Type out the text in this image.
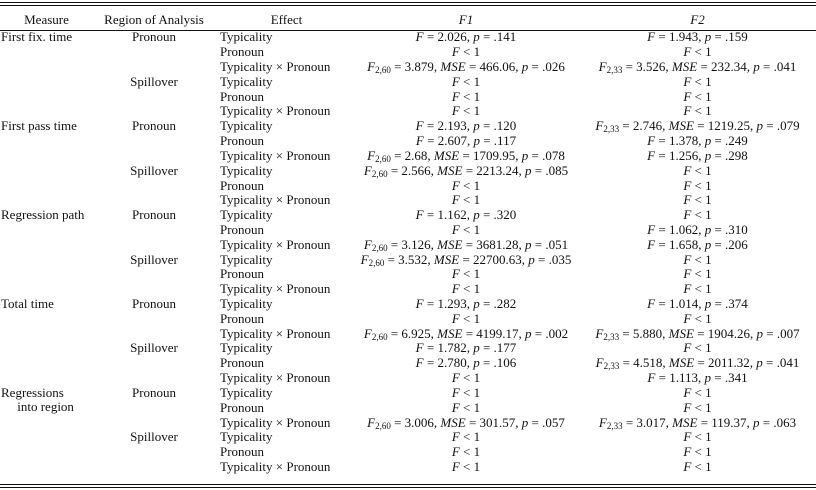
Measure	Region of Analysis	Effect	F1	F2
First fix. time	Pronoun	Typicality	F = 2.026, p = .141	F = 1.943, p = .159
		Pronoun	F < 1	F < 1
		Typicality × Pronoun	$F_{2,60} = 3.879$, MSE = 466.06, p = .026	$F_{2,33} = 3.526$, MSE = 232.34, p = .041
	Spillover	Typicality	F < 1	F < 1
		Pronoun	F < 1	F < 1
		Typicality × Pronoun	F < 1	F < 1
First pass time	Pronoun	Typicality	F = 2.193, p = .120	$F_{2,33} = 2.746$, MSE = 1219.25, p = .079
		Pronoun	F = 2.607, p = .117	F = 1.378, p = .249
		Typicality × Pronoun	$F_{2,60} = 2.68$, MSE = 1709.95, p = .078	F = 1.256, p = .298
	Spillover	Typicality	$F_{2,60} = 2.566$, MSE = 2213.24, p = .085	F < 1
		Pronoun	F < 1	F < 1
		Typicality × Pronoun	F < 1	F < 1
Regression path	Pronoun	Typicality	F = 1.162, p = .320	F < 1
		Pronoun	F < 1	F = 1.062, p = .310
		Typicality × Pronoun	$F_{2,60} = 3.126$, MSE = 3681.28, p = .051	F = 1.658, p = .206
	Spillover	Typicality	$F_{2,60} = 3.532$, MSE = 22700.63, p = .035	F < 1
		Pronoun	F < 1	F < 1
		Typicality × Pronoun	F < 1	F < 1
Total time	Pronoun	Typicality	F = 1.293, p = .282	F = 1.014, p = .374
		Pronoun	F < 1	F < 1
		Typicality × Pronoun	$F_{2,60} = 6.925$, MSE = 4199.17, p = .002	$F_{2,33} = 5.880$, MSE = 1904.26, p = .007
	Spillover	Typicality	F = 1.782, p = .177	F < 1
		Pronoun	F = 2.780, p = .106	$F_{2,33} = 4.518$, MSE = 2011.32, p = .041
		Typicality × Pronoun	F < 1	F = 1.113, p = .341
Regressions	Pronoun	Typicality	F < 1	F < 1
into region		Pronoun	F < 1	F < 1
		Typicality × Pronoun	$F_{2,60} = 3.006$, MSE = 301.57, p = .057	$F_{2,33} = 3.017$, MSE = 119.37, p = .063
	Spillover	Typicality	F < 1	F < 1
		Pronoun	F < 1	F < 1
		Typicality × Pronoun	F < 1	F < 1
